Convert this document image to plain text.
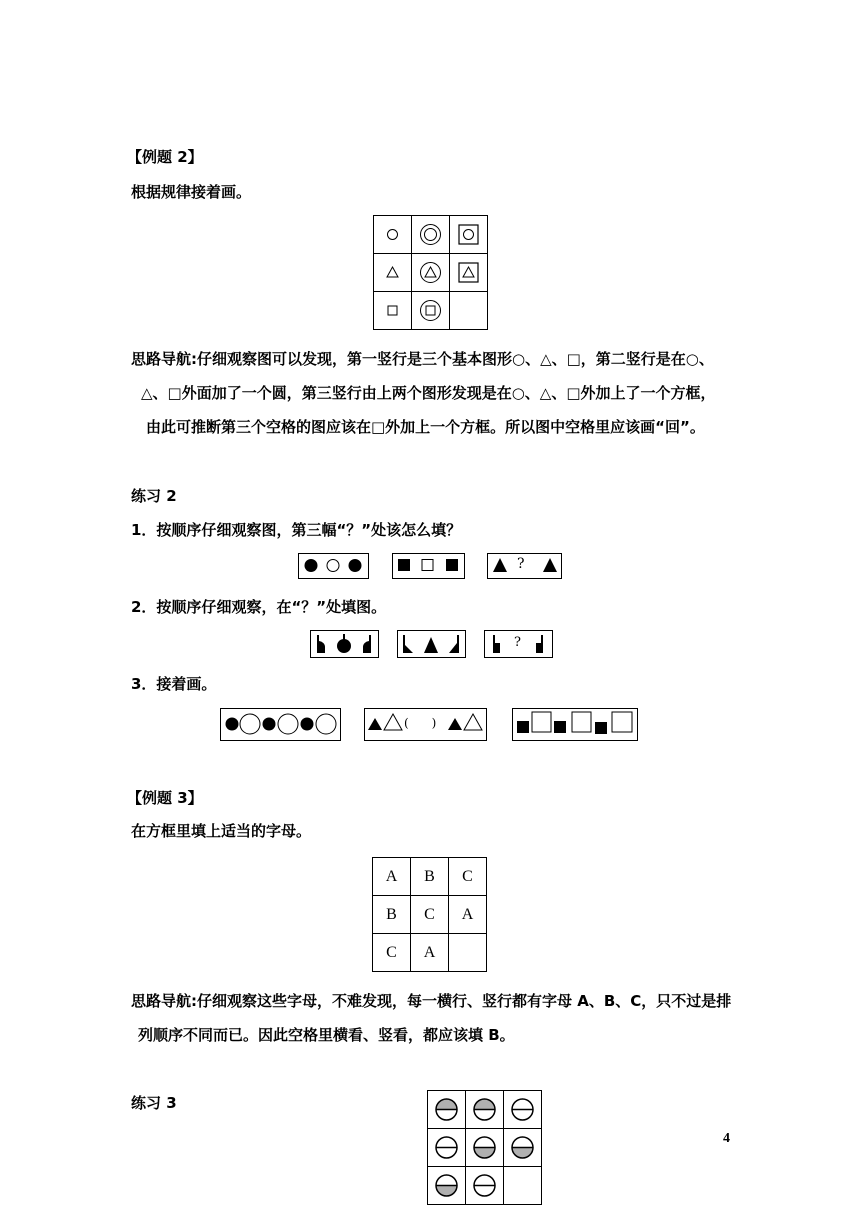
【例题 2】
根据规律接着画。

思路导航:仔细观察图可以发现，第一竖行是三个基本图形○、△、□，第二竖行是在○、
△、□外面加了一个圆，第三竖行由上两个图形发现是在○、△、□外加上了一个方框，
由此可推断第三个空格的图应该在□外加上一个方框。所以图中空格里应该画“回”。
练习 2
1．按顺序仔细观察图，第三幅“？”处该怎么填？
?
2．按顺序仔细观察，在“？”处填图。
?
3．接着画。
(      )
【例题 3】
在方框里填上适当的字母。
A	B	C
B	C	A
C	A	
思路导航:仔细观察这些字母，不难发现，每一横行、竖行都有字母 A、B、C，只不过是排
列顺序不同而已。因此空格里横看、竖看，都应该填 B。
练习 3

4
